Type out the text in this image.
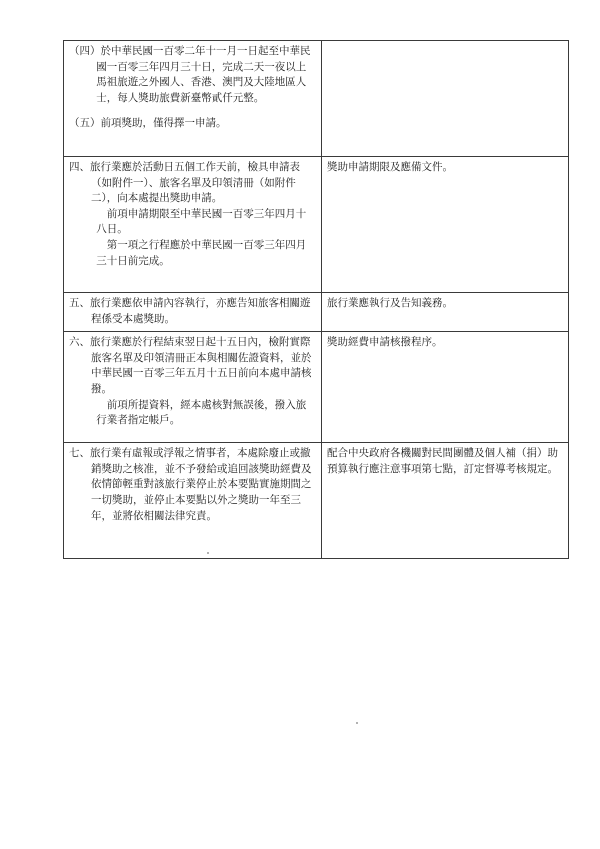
（四）於中華民國一百零二年十一月一日起至中華民國一百零三年四月三十日，完成二天一夜以上馬祖旅遊之外國人、香港、澳門及大陸地區人士，每人獎助旅費新臺幣貳仟元整。
（五）前項獎助，僅得擇一申請。	

四、旅行業應於活動日五個工作天前，檢具申請表（如附件一）、旅客名單及印領清冊（如附件二），向本處提出獎助申請。
前項申請期限至中華民國一百零三年四月十八日。
第一項之行程應於中華民國一百零三年四月三十日前完成。	獎助申請期限及應備文件。

五、旅行業應依申請內容執行，亦應告知旅客相關遊程係受本處獎助。	旅行業應執行及告知義務。

六、旅行業應於行程結束翌日起十五日內，檢附實際旅客名單及印領清冊正本與相關佐證資料，並於中華民國一百零三年五月十五日前向本處申請核撥。
前項所提資料，經本處核對無誤後，撥入旅行業者指定帳戶。	獎助經費申請核撥程序。

七、旅行業有虛報或浮報之情事者，本處除廢止或撤銷獎助之核准，並不予發給或追回該獎助經費及依情節輕重對該旅行業停止於本要點實施期間之一切獎助，並停止本要點以外之獎助一年至三年，並將依相關法律究責。	配合中央政府各機關對民間團體及個人補（捐）助預算執行應注意事項第七點，訂定督導考核規定。
